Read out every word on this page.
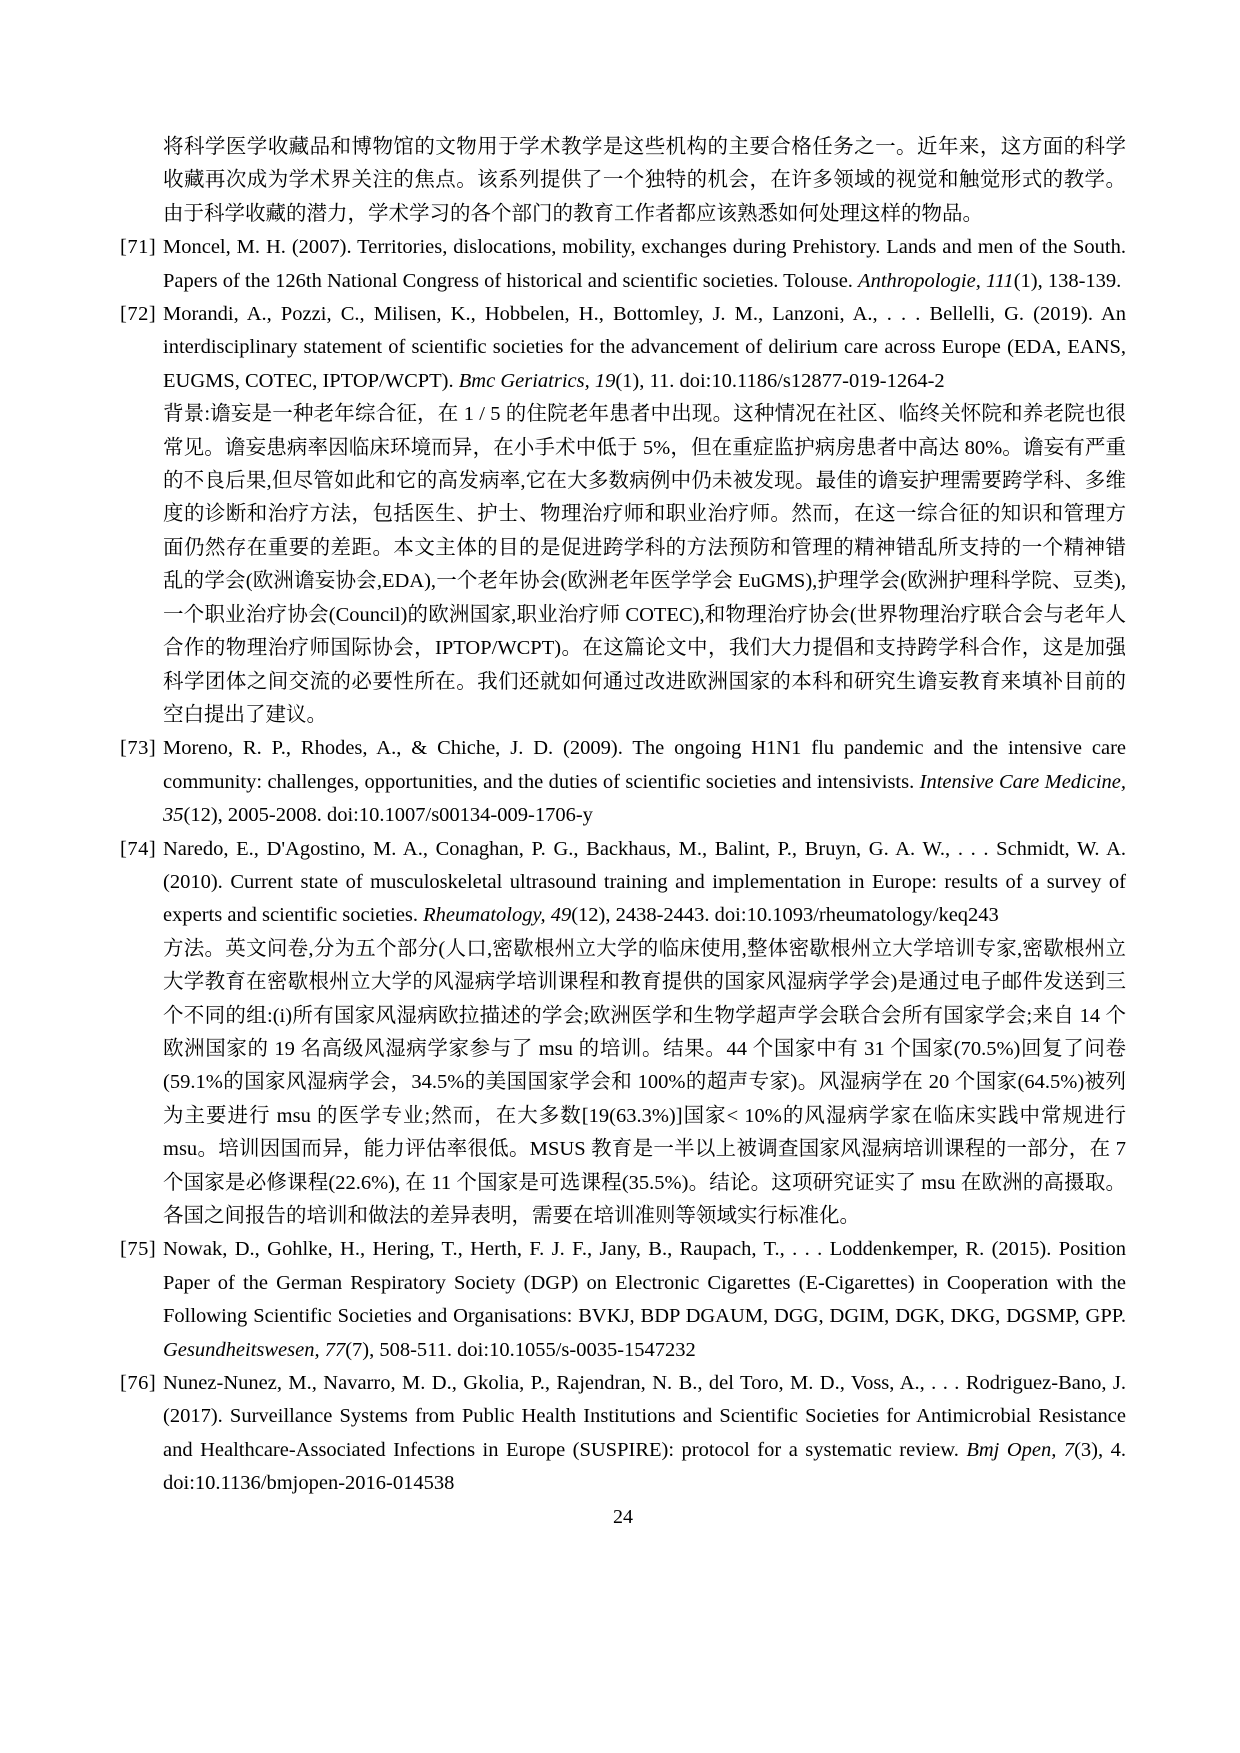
将科学医学收藏品和博物馆的文物用于学术教学是这些机构的主要合格任务之一。近年来，这方面的科学收藏再次成为学术界关注的焦点。该系列提供了一个独特的机会，在许多领域的视觉和触觉形式的教学。由于科学收藏的潜力，学术学习的各个部门的教育工作者都应该熟悉如何处理这样的物品。

[71] Moncel, M. H. (2007). Territories, dislocations, mobility, exchanges during Prehistory. Lands and men of the South. Papers of the 126th National Congress of historical and scientific societies. Tolouse. Anthropologie, 111(1), 138-139.
[72] Morandi, A., Pozzi, C., Milisen, K., Hobbelen, H., Bottomley, J. M., Lanzoni, A., . . . Bellelli, G. (2019). An interdisciplinary statement of scientific societies for the advancement of delirium care across Europe (EDA, EANS, EUGMS, COTEC, IPTOP/WCPT). Bmc Geriatrics, 19(1), 11. doi:10.1186/s12877-019-1264-2
背景:谵妄是一种老年综合征，在 1 / 5 的住院老年患者中出现。这种情况在社区、临终关怀院和养老院也很常见。谵妄患病率因临床环境而异，在小手术中低于 5%，但在重症监护病房患者中高达 80%。谵妄有严重的不良后果,但尽管如此和它的高发病率,它在大多数病例中仍未被发现。最佳的谵妄护理需要跨学科、多维度的诊断和治疗方法，包括医生、护士、物理治疗师和职业治疗师。然而，在这一综合征的知识和管理方面仍然存在重要的差距。本文主体的目的是促进跨学科的方法预防和管理的精神错乱所支持的一个精神错乱的学会(欧洲谵妄协会,EDA),一个老年协会(欧洲老年医学学会 EuGMS),护理学会(欧洲护理科学院、豆类),一个职业治疗协会(Council)的欧洲国家,职业治疗师 COTEC),和物理治疗协会(世界物理治疗联合会与老年人合作的物理治疗师国际协会，IPTOP/WCPT)。在这篇论文中，我们大力提倡和支持跨学科合作，这是加强科学团体之间交流的必要性所在。我们还就如何通过改进欧洲国家的本科和研究生谵妄教育来填补目前的空白提出了建议。
[73] Moreno, R. P., Rhodes, A., & Chiche, J. D. (2009). The ongoing H1N1 flu pandemic and the intensive care community: challenges, opportunities, and the duties of scientific societies and intensivists. Intensive Care Medicine, 35(12), 2005-2008. doi:10.1007/s00134-009-1706-y
[74] Naredo, E., D'Agostino, M. A., Conaghan, P. G., Backhaus, M., Balint, P., Bruyn, G. A. W., . . . Schmidt, W. A. (2010). Current state of musculoskeletal ultrasound training and implementation in Europe: results of a survey of experts and scientific societies. Rheumatology, 49(12), 2438-2443. doi:10.1093/rheumatology/keq243
方法。英文问卷,分为五个部分(人口,密歇根州立大学的临床使用,整体密歇根州立大学培训专家,密歇根州立大学教育在密歇根州立大学的风湿病学培训课程和教育提供的国家风湿病学学会)是通过电子邮件发送到三个不同的组:(i)所有国家风湿病欧拉描述的学会;欧洲医学和生物学超声学会联合会所有国家学会;来自 14 个欧洲国家的 19 名高级风湿病学家参与了 msu 的培训。结果。44 个国家中有 31 个国家(70.5%)回复了问卷(59.1%的国家风湿病学会，34.5%的美国国家学会和 100%的超声专家)。风湿病学在 20 个国家(64.5%)被列为主要进行 msu 的医学专业;然而，在大多数[19(63.3%)]国家< 10%的风湿病学家在临床实践中常规进行 msu。培训因国而异，能力评估率很低。MSUS 教育是一半以上被调查国家风湿病培训课程的一部分，在 7 个国家是必修课程(22.6%), 在 11 个国家是可选课程(35.5%)。结论。这项研究证实了 msu 在欧洲的高摄取。各国之间报告的培训和做法的差异表明，需要在培训准则等领域实行标准化。
[75] Nowak, D., Gohlke, H., Hering, T., Herth, F. J. F., Jany, B., Raupach, T., . . . Loddenkemper, R. (2015). Position Paper of the German Respiratory Society (DGP) on Electronic Cigarettes (E-Cigarettes) in Cooperation with the Following Scientific Societies and Organisations: BVKJ, BDP DGAUM, DGG, DGIM, DGK, DKG, DGSMP, GPP. Gesundheitswesen, 77(7), 508-511. doi:10.1055/s-0035-1547232
[76] Nunez-Nunez, M., Navarro, M. D., Gkolia, P., Rajendran, N. B., del Toro, M. D., Voss, A., . . . Rodriguez-Bano, J. (2017). Surveillance Systems from Public Health Institutions and Scientific Societies for Antimicrobial Resistance and Healthcare-Associated Infections in Europe (SUSPIRE): protocol for a systematic review. Bmj Open, 7(3), 4. doi:10.1136/bmjopen-2016-014538
24
